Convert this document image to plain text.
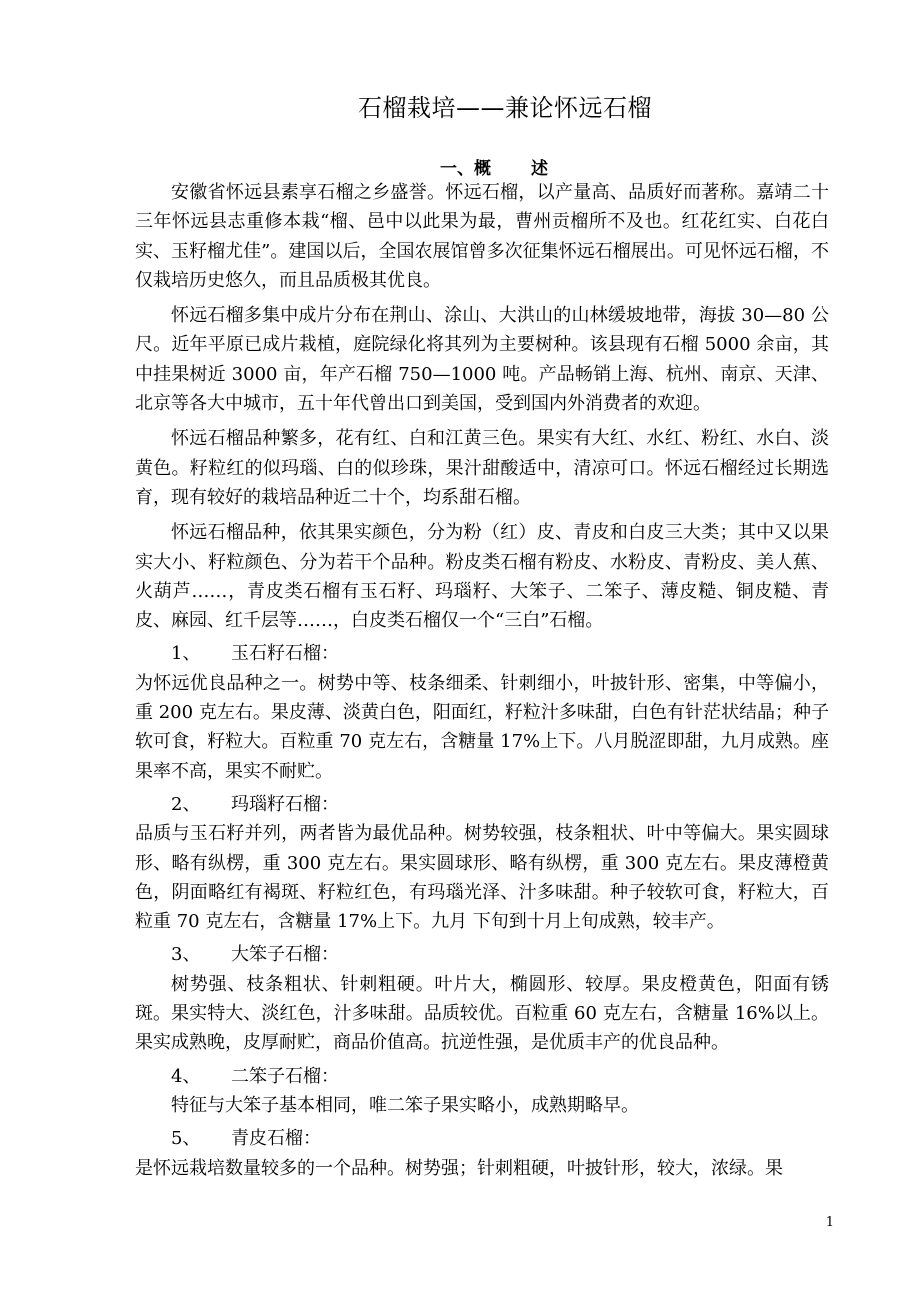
石榴栽培——兼论怀远石榴
一、概 述

安徽省怀远县素享石榴之乡盛誉。怀远石榴，以产量高、品质好而著称。嘉靖二十三年怀远县志重修本栽“榴、邑中以此果为最，曹州贡榴所不及也。红花红实、白花白实、玉籽榴尤佳”。建国以后，全国农展馆曾多次征集怀远石榴展出。可见怀远石榴，不仅栽培历史悠久，而且品质极其优良。

怀远石榴多集中成片分布在荆山、涂山、大洪山的山林缓坡地带，海拔 30—80 公尺。近年平原已成片栽植，庭院绿化将其列为主要树种。该县现有石榴 5000 余亩，其中挂果树近 3000 亩，年产石榴 750—1000 吨。产品畅销上海、杭州、南京、天津、北京等各大中城市，五十年代曾出口到美国，受到国内外消费者的欢迎。

怀远石榴品种繁多，花有红、白和江黄三色。果实有大红、水红、粉红、水白、淡黄色。籽粒红的似玛瑙、白的似珍珠，果汁甜酸适中，清凉可口。怀远石榴经过长期选育，现有较好的栽培品种近二十个，均系甜石榴。

怀远石榴品种，依其果实颜色，分为粉（红）皮、青皮和白皮三大类；其中又以果实大小、籽粒颜色、分为若干个品种。粉皮类石榴有粉皮、水粉皮、青粉皮、美人蕉、火葫芦……，青皮类石榴有玉石籽、玛瑙籽、大笨子、二笨子、薄皮糙、铜皮糙、青皮、麻园、红千层等……，白皮类石榴仅一个“三白”石榴。

1、 玉石籽石榴：

为怀远优良品种之一。树势中等、枝条细柔、针刺细小，叶披针形、密集，中等偏小，重 200 克左右。果皮薄、淡黄白色，阳面红，籽粒汁多味甜，白色有针茫状结晶；种子软可食，籽粒大。百粒重 70 克左右，含糖量 17%上下。八月脱涩即甜，九月成熟。座果率不高，果实不耐贮。

2、 玛瑙籽石榴：

品质与玉石籽并列，两者皆为最优品种。树势较强，枝条粗状、叶中等偏大。果实圆球形、略有纵楞，重 300 克左右。果实圆球形、略有纵楞，重 300 克左右。果皮薄橙黄色，阴面略红有褐斑、籽粒红色，有玛瑙光泽、汁多味甜。种子较软可食，籽粒大，百粒重 70 克左右，含糖量 17%上下。九月 下旬到十月上旬成熟，较丰产。

3、 大笨子石榴：

树势强、枝条粗状、针刺粗硬。叶片大，椭圆形、较厚。果皮橙黄色，阳面有锈斑。果实特大、淡红色，汁多味甜。品质较优。百粒重 60 克左右，含糖量 16%以上。果实成熟晚，皮厚耐贮，商品价值高。抗逆性强，是优质丰产的优良品种。

4、 二笨子石榴：

特征与大笨子基本相同，唯二笨子果实略小，成熟期略早。

5、 青皮石榴：

是怀远栽培数量较多的一个品种。树势强；针刺粗硬，叶披针形，较大，浓绿。果

1
